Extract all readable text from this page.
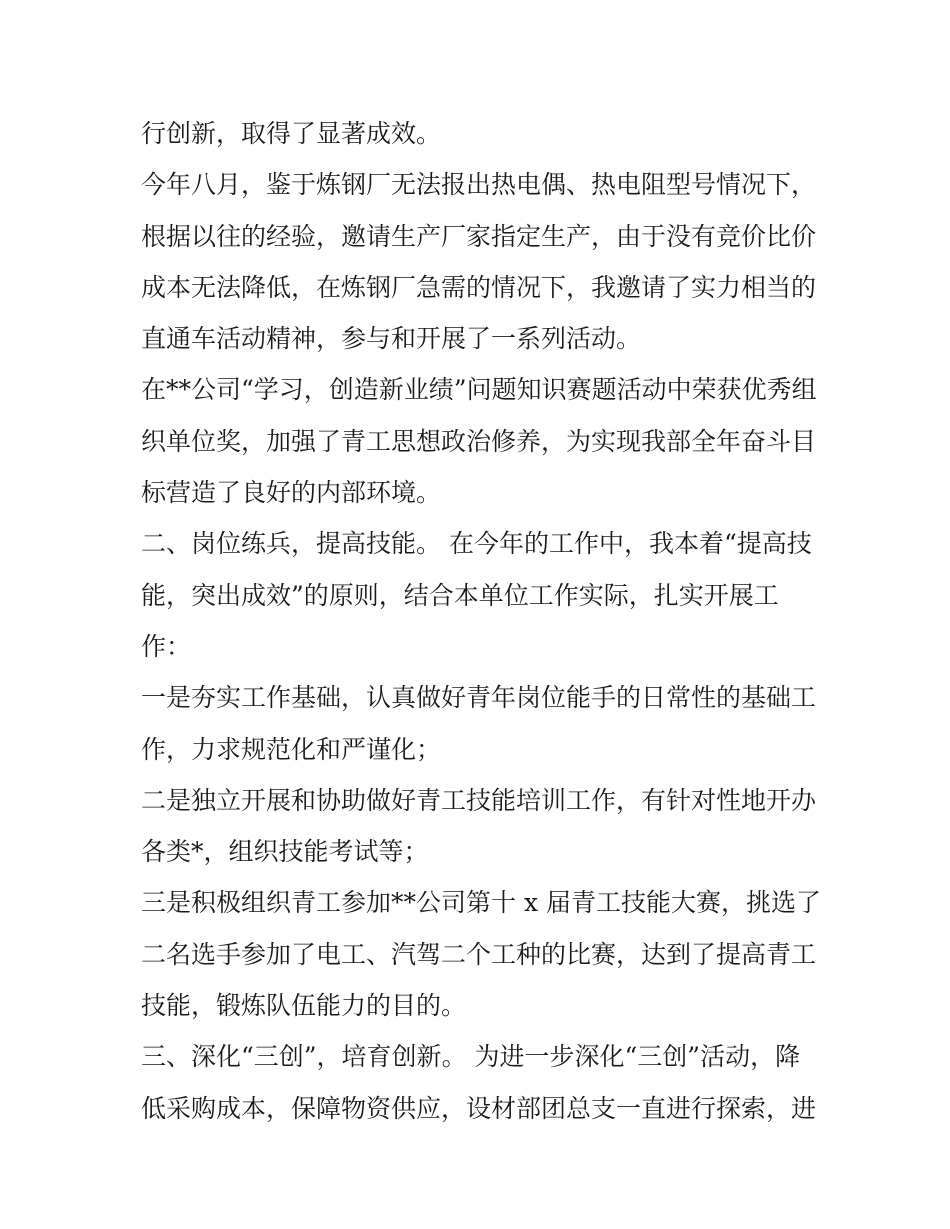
行创新，取得了显著成效。
今年八月，鉴于炼钢厂无法报出热电偶、热电阻型号情况下，
根据以往的经验，邀请生产厂家指定生产，由于没有竞价比价
成本无法降低，在炼钢厂急需的情况下，我邀请了实力相当的
直通车活动精神，参与和开展了一系列活动。
在**公司“学习，创造新业绩”问题知识赛题活动中荣获优秀组
织单位奖，加强了青工思想政治修养，为实现我部全年奋斗目
标营造了良好的内部环境。
二、岗位练兵，提高技能。 在今年的工作中，我本着“提高技
能，突出成效”的原则，结合本单位工作实际，扎实开展工
作：
一是夯实工作基础，认真做好青年岗位能手的日常性的基础工
作，力求规范化和严谨化；
二是独立开展和协助做好青工技能培训工作，有针对性地开办
各类*，组织技能考试等；
三是积极组织青工参加**公司第十 x 届青工技能大赛，挑选了
二名选手参加了电工、汽驾二个工种的比赛，达到了提高青工
技能，锻炼队伍能力的目的。
三、深化“三创”，培育创新。 为进一步深化“三创”活动，降
低采购成本，保障物资供应，设材部团总支一直进行探索，进
